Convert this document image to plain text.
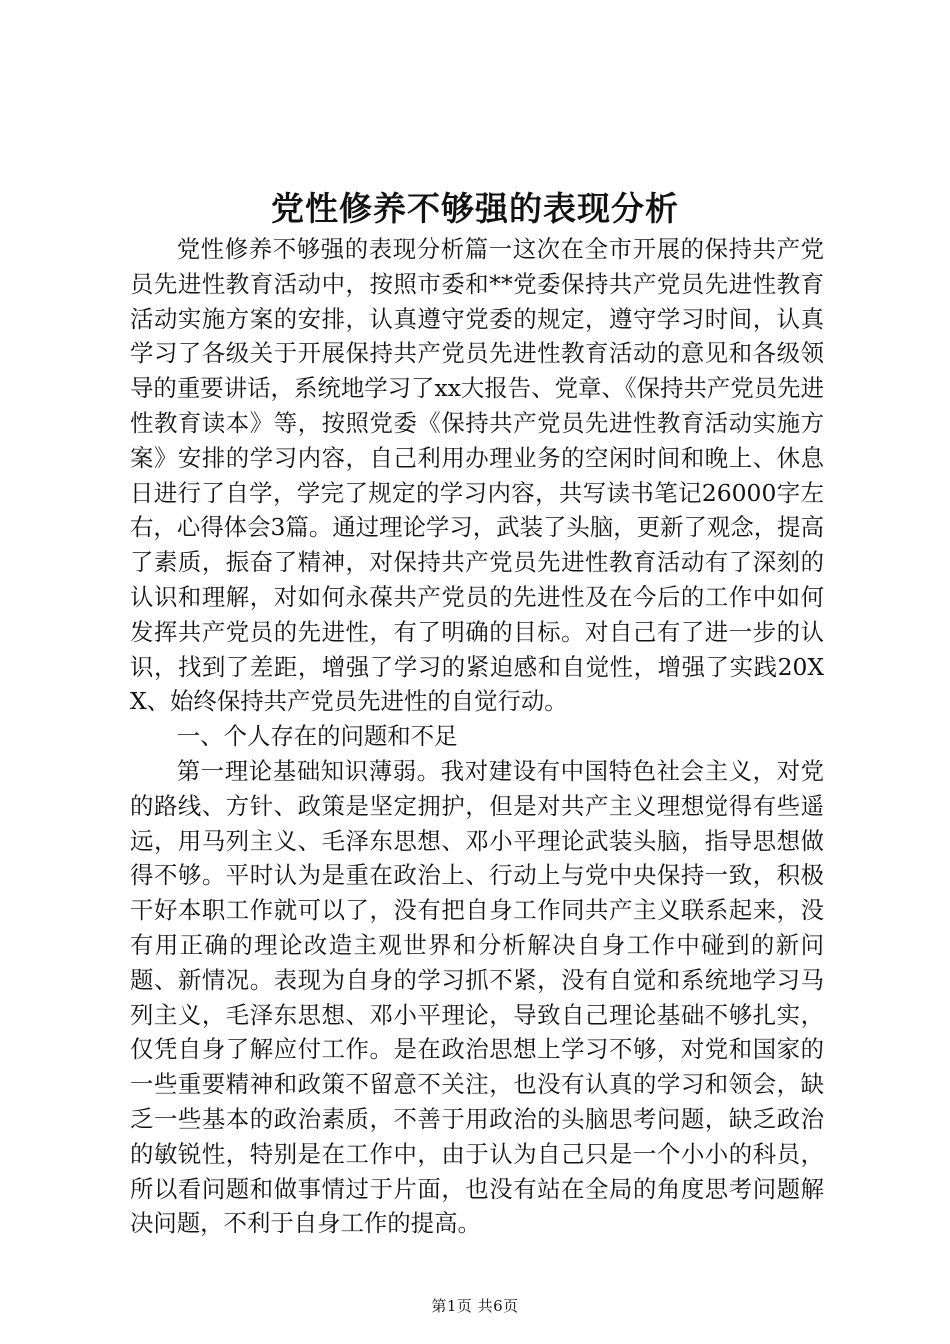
党性修养不够强的表现分析

党性修养不够强的表现分析篇一这次在全市开展的保持共产党员先进性教育活动中，按照市委和**党委保持共产党员先进性教育活动实施方案的安排，认真遵守党委的规定，遵守学习时间，认真学习了各级关于开展保持共产党员先进性教育活动的意见和各级领导的重要讲话，系统地学习了xx大报告、党章、《保持共产党员先进性教育读本》等，按照党委《保持共产党员先进性教育活动实施方案》安排的学习内容，自己利用办理业务的空闲时间和晚上、休息日进行了自学，学完了规定的学习内容，共写读书笔记26000字左右，心得体会3篇。通过理论学习，武装了头脑，更新了观念，提高了素质，振奋了精神，对保持共产党员先进性教育活动有了深刻的认识和理解，对如何永葆共产党员的先进性及在今后的工作中如何发挥共产党员的先进性，有了明确的目标。对自己有了进一步的认识，找到了差距，增强了学习的紧迫感和自觉性，增强了实践20XX、始终保持共产党员先进性的自觉行动。

一、个人存在的问题和不足

第一理论基础知识薄弱。我对建设有中国特色社会主义，对党的路线、方针、政策是坚定拥护，但是对共产主义理想觉得有些遥远，用马列主义、毛泽东思想、邓小平理论武装头脑，指导思想做得不够。平时认为是重在政治上、行动上与党中央保持一致，积极干好本职工作就可以了，没有把自身工作同共产主义联系起来，没有用正确的理论改造主观世界和分析解决自身工作中碰到的新问题、新情况。表现为自身的学习抓不紧，没有自觉和系统地学习马列主义，毛泽东思想、邓小平理论，导致自己理论基础不够扎实，仅凭自身了解应付工作。是在政治思想上学习不够，对党和国家的一些重要精神和政策不留意不关注，也没有认真的学习和领会，缺乏一些基本的政治素质，不善于用政治的头脑思考问题，缺乏政治的敏锐性，特别是在工作中，由于认为自己只是一个小小的科员，所以看问题和做事情过于片面，也没有站在全局的角度思考问题解决问题，不利于自身工作的提高。

第1页 共6页
